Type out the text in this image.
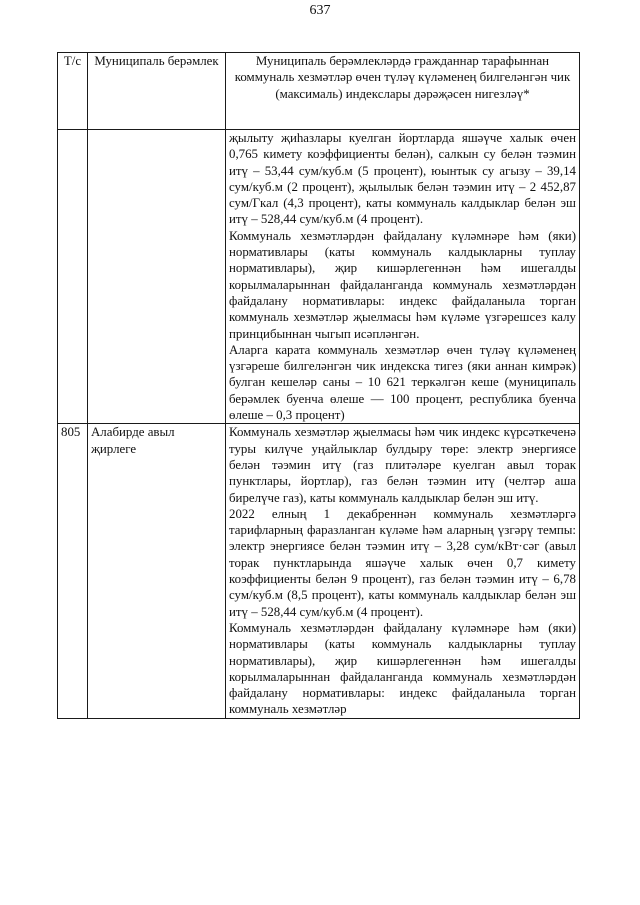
637
Т/с	Муниципаль берәмлек	Муниципаль берәмлекләрдә гражданнар тарафыннан коммуналь хезмәтләр өчен түләү күләменең билгеләнгән чик (максималь) индекслары дәрәҗәсен нигезләү*

		җылыту җиһазлары куелган йортларда яшәүче халык өчен 0,765 кимету коэффициенты белән), салкын су белән тәэмин итү – 53,44 сум/куб.м (5 процент), юынтык су агызу – 39,14 сум/куб.м (2 процент), җылылык белән тәэмин итү – 2 452,87 сум/Гкал (4,3 процент), каты коммуналь калдыклар белән эш итү – 528,44 сум/куб.м (4 процент).

Коммуналь хезмәтләрдән файдалану күләмнәре һәм (яки) нормативлары (каты коммуналь калдыкларны туплау нормативлары), җир кишәрлегеннән һәм ишегалды корылмаларыннан файдаланганда коммуналь хезмәтләрдән файдалану нормативлары: индекс файдаланыла торган коммуналь хезмәтләр җыелмасы һәм күләме үзгәрешсез калу принцибыннан чыгып исәпләнгән.

Аларга карата коммуналь хезмәтләр өчен түләү күләменең үзгәреше билгеләнгән чик индекска тигез (яки аннан кимрәк) булган кешеләр саны – 10 621 теркәлгән кеше (муниципаль берәмлек буенча өлеше — 100 процент, республика буенча өлеше – 0,3 процент)

805	Алабирде авыл җирлеге	Коммуналь хезмәтләр җыелмасы һәм чик индекс күрсәткеченә туры килүче уңайлыклар булдыру төре: электр энергиясе белән тәэмин итү (газ плитәләре куелган авыл торак пунктлары, йортлар), газ белән тәэмин итү (челтәр аша бирелүче газ), каты коммуналь калдыклар белән эш итү.

2022 елның 1 декабреннән коммуналь хезмәтләргә тарифларның фаразланган күләме һәм аларның үзгәрү темпы: электр энергиясе белән тәэмин итү – 3,28 сум/кВт·сәг (авыл торак пунктларында яшәүче халык өчен 0,7 кимету коэффициенты белән 9 процент), газ белән тәэмин итү – 6,78 сум/куб.м (8,5 процент), каты коммуналь калдыклар белән эш итү – 528,44 сум/куб.м (4 процент).

Коммуналь хезмәтләрдән файдалану күләмнәре һәм (яки) нормативлары (каты коммуналь калдыкларны туплау нормативлары), җир кишәрлегеннән һәм ишегалды корылмаларыннан файдаланганда коммуналь хезмәтләрдән файдалану нормативлары: индекс файдаланыла торган коммуналь хезмәтләр
